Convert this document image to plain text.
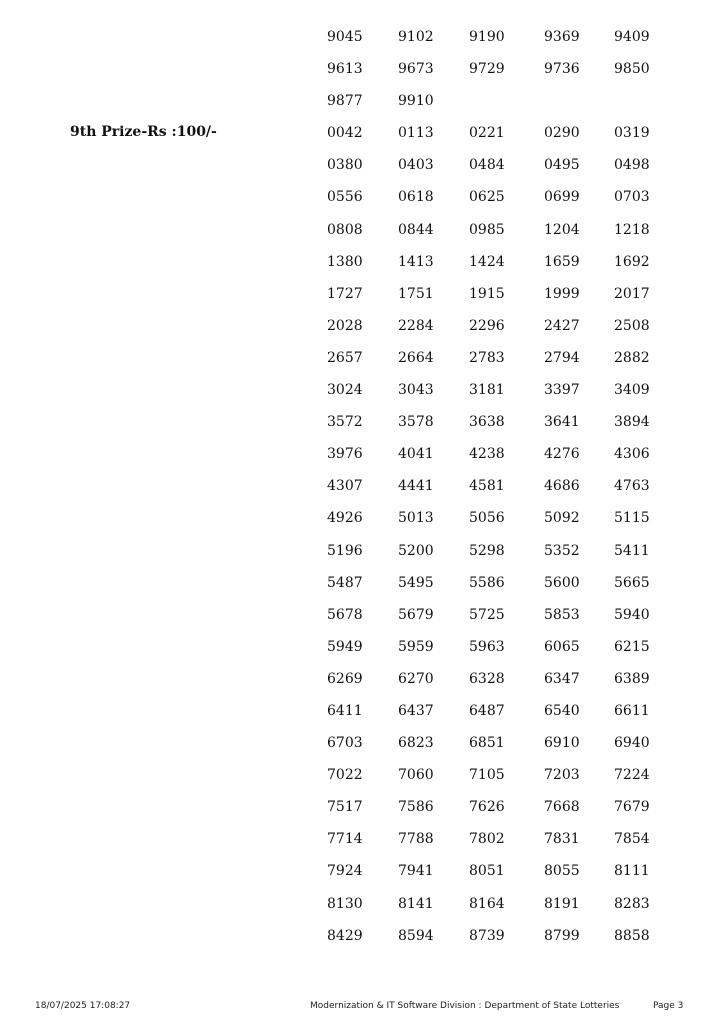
9th Prize-Rs :100/-
9045	9102	9190	9369 9409
9613	9673	9729	9736 9850
9877	9910
0042	0113	0221	0290 0319
0380	0403	0484	0495 0498
0556	0618	0625	0699 0703
0808	0844	0985	1204 1218
1380	1413	1424	1659 1692
1727	1751	1915	1999 2017
2028	2284	2296	2427 2508
2657	2664	2783	2794 2882
3024	3043	3181	3397 3409
3572	3578	3638	3641 3894
3976	4041	4238	4276 4306
4307	4441	4581	4686 4763
4926	5013	5056	5092 5115
5196	5200	5298	5352 5411
5487	5495	5586	5600 5665
5678	5679	5725	5853 5940
5949	5959	5963	6065 6215
6269	6270	6328	6347 6389
6411	6437	6487	6540 6611
6703	6823	6851	6910 6940
7022	7060	7105	7203 7224
7517	7586	7626	7668 7679
7714	7788	7802	7831 7854
7924	7941	8051	8055 8111
8130	8141	8164	8191 8283
8429	8594	8739	8799 8858
18/07/2025 17:08:27	Modernization & IT Software Division : Department of State Lotteries	Page 3
